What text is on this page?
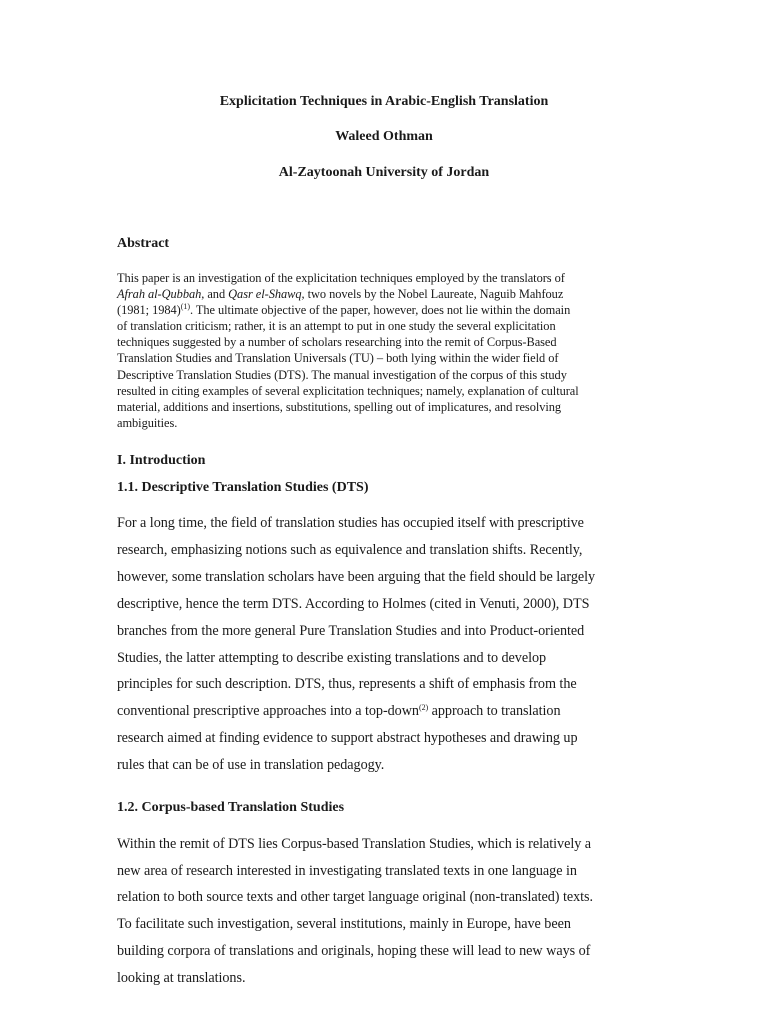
Explicitation Techniques in Arabic-English Translation
Waleed Othman
Al-Zaytoonah University of Jordan
Abstract
This paper is an investigation of the explicitation techniques employed by the translators of
Afrah al-Qubbah, and Qasr el-Shawq, two novels by the Nobel Laureate, Naguib Mahfouz
(1981; 1984)$^{(1)}$. The ultimate objective of the paper, however, does not lie within the domain
of translation criticism; rather, it is an attempt to put in one study the several explicitation
techniques suggested by a number of scholars researching into the remit of Corpus-Based
Translation Studies and Translation Universals (TU) – both lying within the wider field of
Descriptive Translation Studies (DTS). The manual investigation of the corpus of this study
resulted in citing examples of several explicitation techniques; namely, explanation of cultural
material, additions and insertions, substitutions, spelling out of implicatures, and resolving
ambiguities.
I. Introduction
1.1. Descriptive Translation Studies (DTS)
For a long time, the field of translation studies has occupied itself with prescriptive
research, emphasizing notions such as equivalence and translation shifts. Recently,
however, some translation scholars have been arguing that the field should be largely
descriptive, hence the term DTS. According to Holmes (cited in Venuti, 2000), DTS
branches from the more general Pure Translation Studies and into Product-oriented
Studies, the latter attempting to describe existing translations and to develop
principles for such description. DTS, thus, represents a shift of emphasis from the
conventional prescriptive approaches into a top-down$^{(2)}$ approach to translation
research aimed at finding evidence to support abstract hypotheses and drawing up
rules that can be of use in translation pedagogy.
1.2. Corpus-based Translation Studies
Within the remit of DTS lies Corpus-based Translation Studies, which is relatively a
new area of research interested in investigating translated texts in one language in
relation to both source texts and other target language original (non-translated) texts.
To facilitate such investigation, several institutions, mainly in Europe, have been
building corpora of translations and originals, hoping these will lead to new ways of
looking at translations.
